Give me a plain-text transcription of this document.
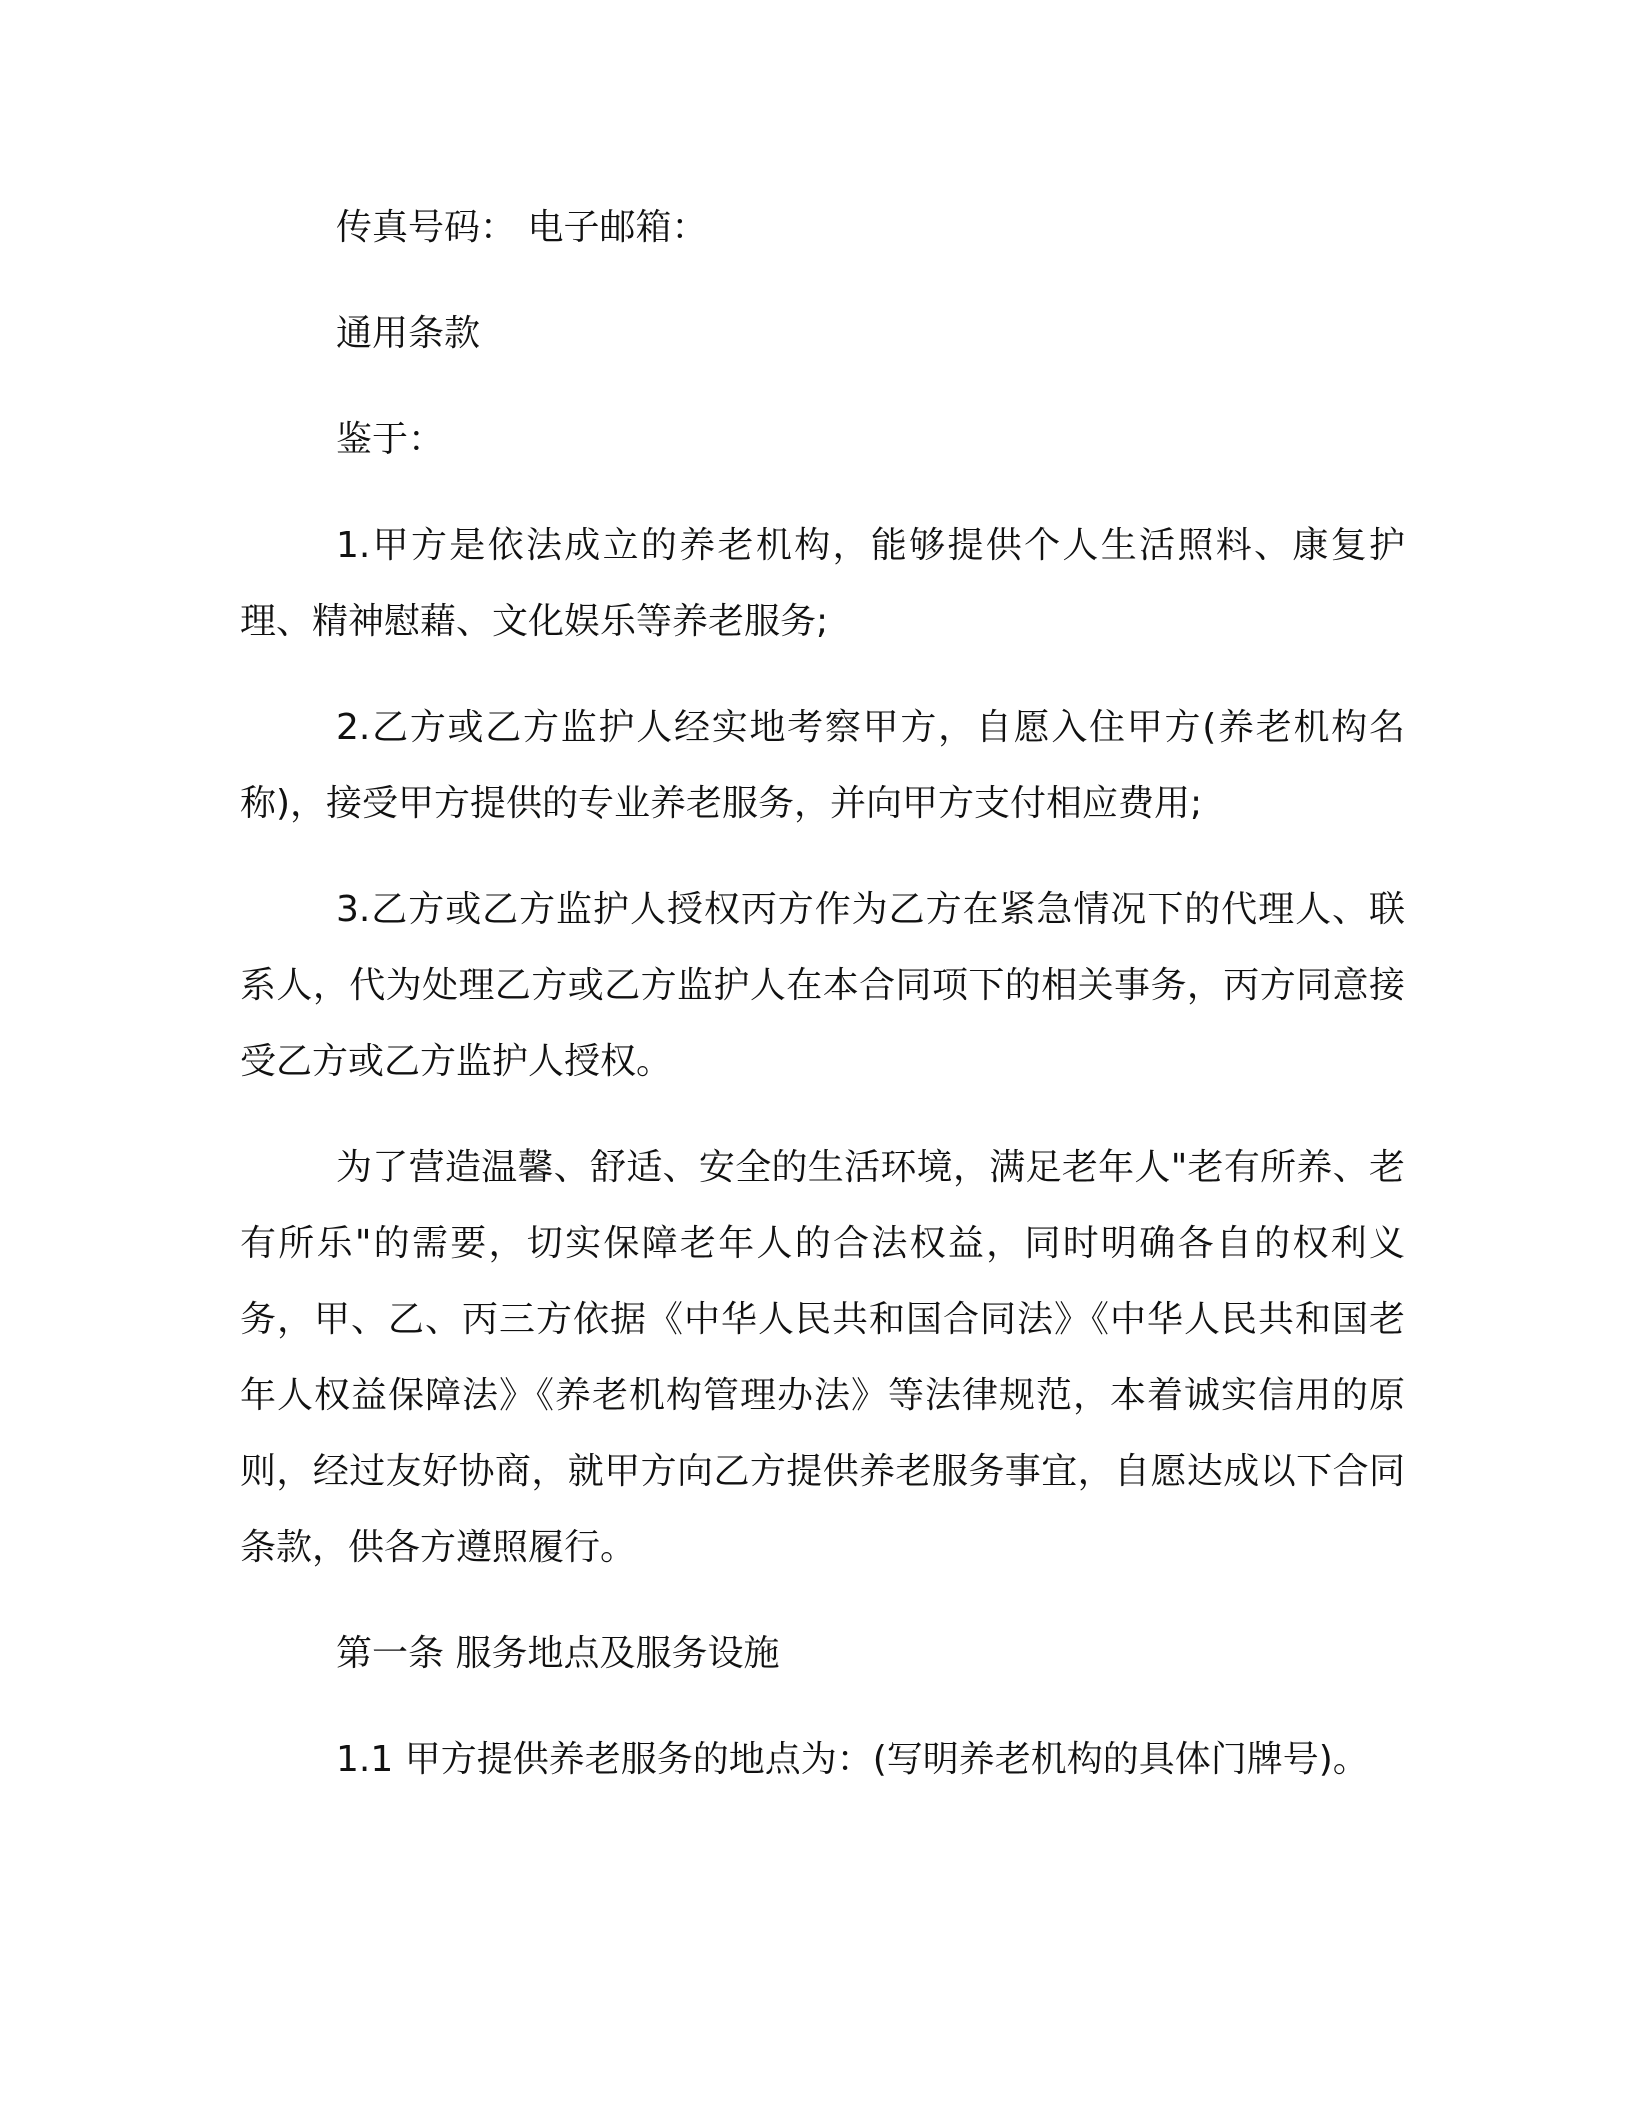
传真号码： 电子邮箱：

通用条款

鉴于：

1.甲方是依法成立的养老机构，能够提供个人生活照料、康复护理、精神慰藉、文化娱乐等养老服务;

2.乙方或乙方监护人经实地考察甲方，自愿入住甲方(养老机构名称)，接受甲方提供的专业养老服务，并向甲方支付相应费用;

3.乙方或乙方监护人授权丙方作为乙方在紧急情况下的代理人、联系人，代为处理乙方或乙方监护人在本合同项下的相关事务，丙方同意接受乙方或乙方监护人授权。

为了营造温馨、舒适、安全的生活环境，满足老年人"老有所养、老有所乐"的需要，切实保障老年人的合法权益，同时明确各自的权利义务，甲、乙、丙三方依据《中华人民共和国合同法》《中华人民共和国老年人权益保障法》《养老机构管理办法》等法律规范，本着诚实信用的原则，经过友好协商，就甲方向乙方提供养老服务事宜，自愿达成以下合同条款，供各方遵照履行。

第一条 服务地点及服务设施

1.1 甲方提供养老服务的地点为：(写明养老机构的具体门牌号)。
